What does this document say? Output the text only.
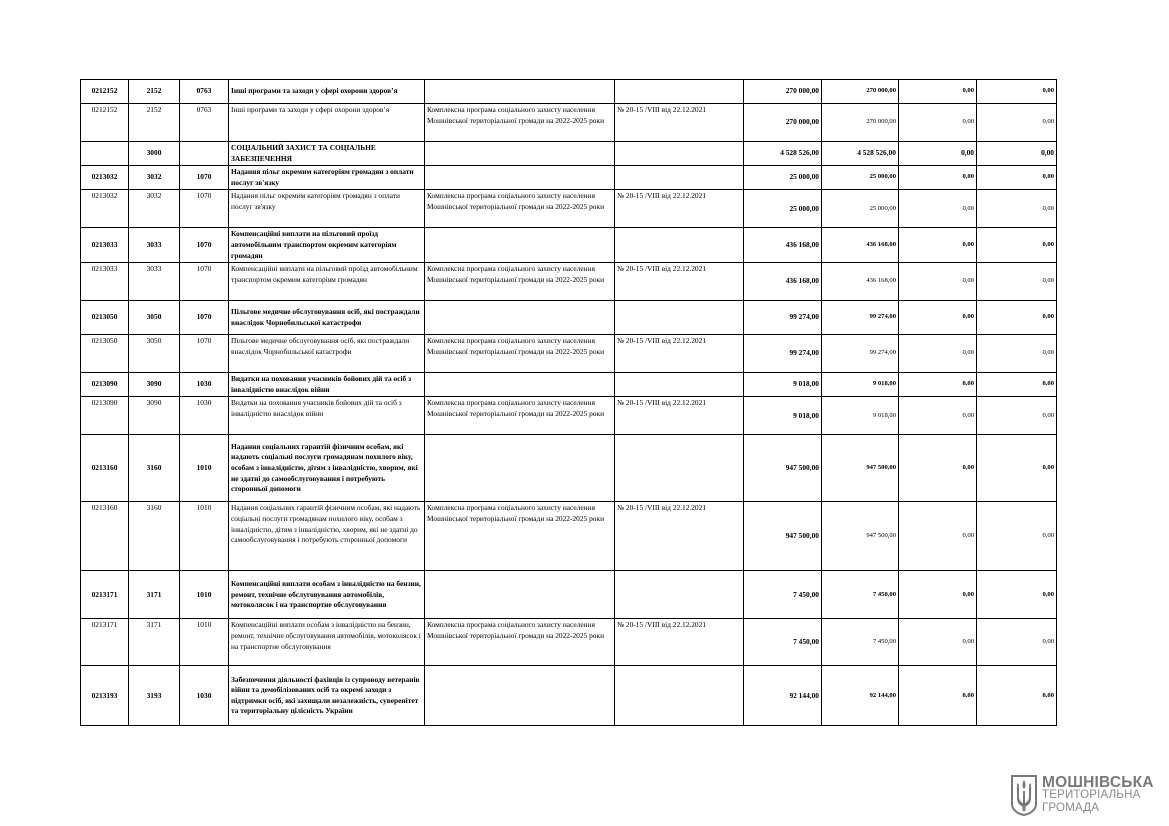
0212152	2152	0763	Інші програми та заходи у сфері охорони здоров’я			270 000,00	270 000,00	0,00	0,00
0212152	2152	0763	Інші програми та заходи у сфері охорони здоров’я	Комплексна програма соціального захисту населення Мошнівської територіальної громади на 2022-2025 роки	№ 20-15 /VIII від 22.12.2021	270 000,00	270 000,00	0,00	0,00
	3000		СОЦІАЛЬНИЙ ЗАХИСТ ТА СОЦІАЛЬНЕ ЗАБЕЗПЕЧЕННЯ			4 528 526,00	4 528 526,00	0,00	0,00
0213032	3032	1070	Надання пільг окремим категоріям громадян з оплати послуг зв'язку			25 000,00	25 000,00	0,00	0,00
0213032	3032	1070	Надання пільг окремим категоріям громадян з оплати послуг зв'язку	Комплексна програма соціального захисту населення Мошнівської територіальної громади на 2022-2025 роки	№ 20-15 /VIII від 22.12.2021	25 000,00	25 000,00	0,00	0,00
0213033	3033	1070	Компенсаційні виплати на пільговий проїзд автомобільним транспортом окремим категоріям громадян			436 168,00	436 168,00	0,00	0,00
0213033	3033	1070	Компенсаційні виплати на пільговий проїзд автомобільним транспортом окремим категоріям громадян	Комплексна програма соціального захисту населення Мошнівської територіальної громади на 2022-2025 роки	№ 20-15 /VIII від 22.12.2021	436 168,00	436 168,00	0,00	0,00
0213050	3050	1070	Пільгове медичне обслуговування осіб, які постраждали внаслідок Чорнобильської катастрофи			99 274,00	99 274,00	0,00	0,00
0213050	3050	1070	Пільгове медичне обслуговування осіб, які постраждали внаслідок Чорнобильської катастрофи	Комплексна програма соціального захисту населення Мошнівської територіальної громади на 2022-2025 роки	№ 20-15 /VIII від 22.12.2021	99 274,00	99 274,00	0,00	0,00
0213090	3090	1030	Видатки на поховання учасників бойових дій та осіб з інвалідністю внаслідок війни			9 018,00	9 018,00	0,00	0,00
0213090	3090	1030	Видатки на поховання учасників бойових дій та осіб з інвалідністю внаслідок війни	Комплексна програма соціального захисту населення Мошнівської територіальної громади на 2022-2025 роки	№ 20-15 /VIII від 22.12.2021	9 018,00	9 018,00	0,00	0,00
0213160	3160	1010	Надання соціальних гарантій фізичним особам, які надають соціальні послуги громадянам похилого віку, особам з інвалідністю, дітям з інвалідністю, хворим, які не здатні до самообслуговування і потребують сторонньої допомоги			947 500,00	947 500,00	0,00	0,00
0213160	3160	1010	Надання соціальних гарантій фізичним особам, які надають соціальні послуги громадянам похилого віку, особам з інвалідністю, дітям з інвалідністю, хворим, які не здатні до самообслуговування і потребують сторонньої допомоги	Комплексна програма соціального захисту населення Мошнівської територіальної громади на 2022-2025 роки	№ 20-15 /VIII від 22.12.2021	947 500,00	947 500,00	0,00	0,00
0213171	3171	1010	Компенсаційні виплати особам з інвалідністю на бензин, ремонт, технічне обслуговування автомобілів, мотоколясок і на транспортне обслуговування			7 450,00	7 450,00	0,00	0,00
0213171	3171	1010	Компенсаційні виплати особам з інвалідністю на бензин, ремонт, технічне обслуговування автомобілів, мотоколясок і на транспортне обслуговування	Комплексна програма соціального захисту населення Мошнівської територіальної громади на 2022-2025 роки	№ 20-15 /VIII від 22.12.2021	7 450,00	7 450,00	0,00	0,00
0213193	3193	1030	Забезпечення діяльності фахівців із супроводу ветеранів війни та демобілізованих осіб та окремі заходи з підтримки осіб, які захищали незалежність, суверенітет та територіальну цілісність України			92 144,00	92 144,00	0,00	0,00
МОШНІВСЬКА
ТЕРИТОРІАЛЬНА
ГРОМАДА
